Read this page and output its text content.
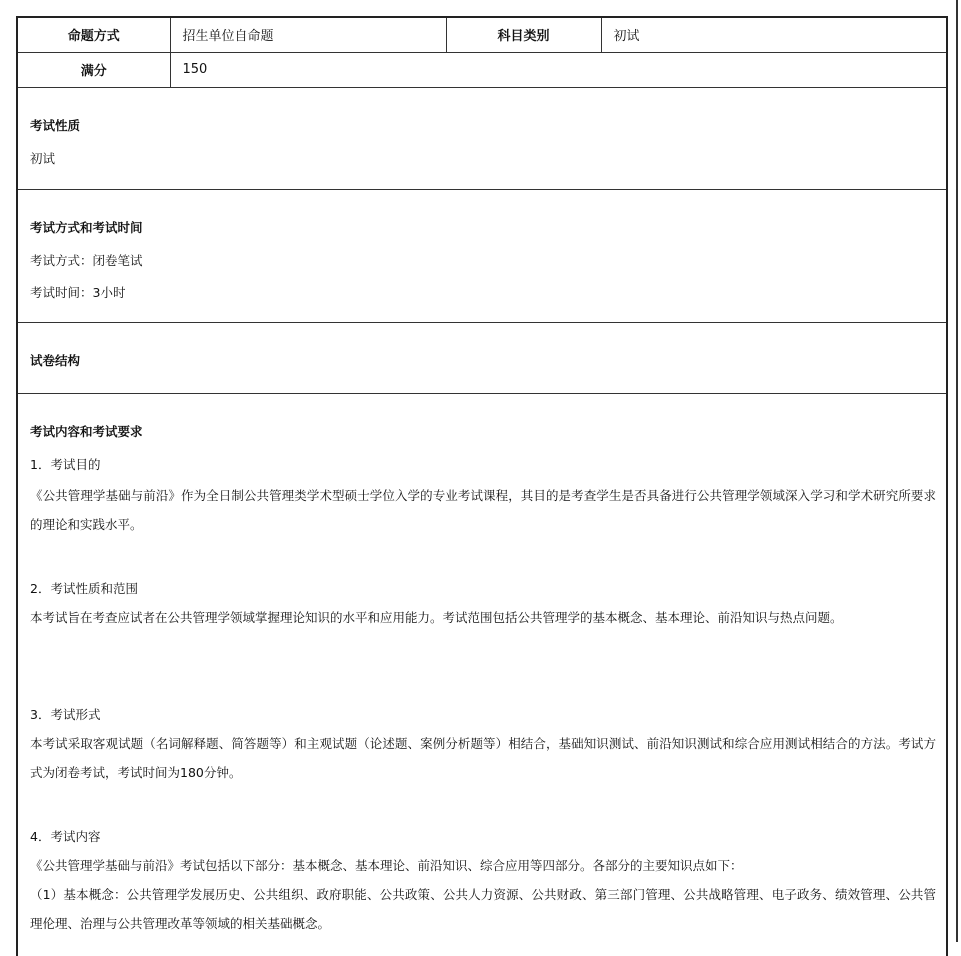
命题方式	招生单位自命题	科目类别	初试
满分	150		
考试性质
初试
考试方式和考试时间
考试方式：闭卷笔试
考试时间：3小时
试卷结构
考试内容和考试要求
1．考试目的
《公共管理学基础与前沿》作为全日制公共管理类学术型硕士学位入学的专业考试课程，其目的是考查学生是否具备进行公共管理学领域深入学习和学术研究所要求的理论和实践水平。
2．考试性质和范围
本考试旨在考查应试者在公共管理学领域掌握理论知识的水平和应用能力。考试范围包括公共管理学的基本概念、基本理论、前沿知识与热点问题。
3．考试形式
本考试采取客观试题（名词解释题、简答题等）和主观试题（论述题、案例分析题等）相结合，基础知识测试、前沿知识测试和综合应用测试相结合的方法。考试方式为闭卷考试，考试时间为180分钟。
4．考试内容
《公共管理学基础与前沿》考试包括以下部分：基本概念、基本理论、前沿知识、综合应用等四部分。各部分的主要知识点如下：
（1）基本概念：公共管理学发展历史、公共组织、政府职能、公共政策、公共人力资源、公共财政、第三部门管理、公共战略管理、电子政务、绩效管理、公共管理伦理、治理与公共管理改革等领域的相关基础概念。
